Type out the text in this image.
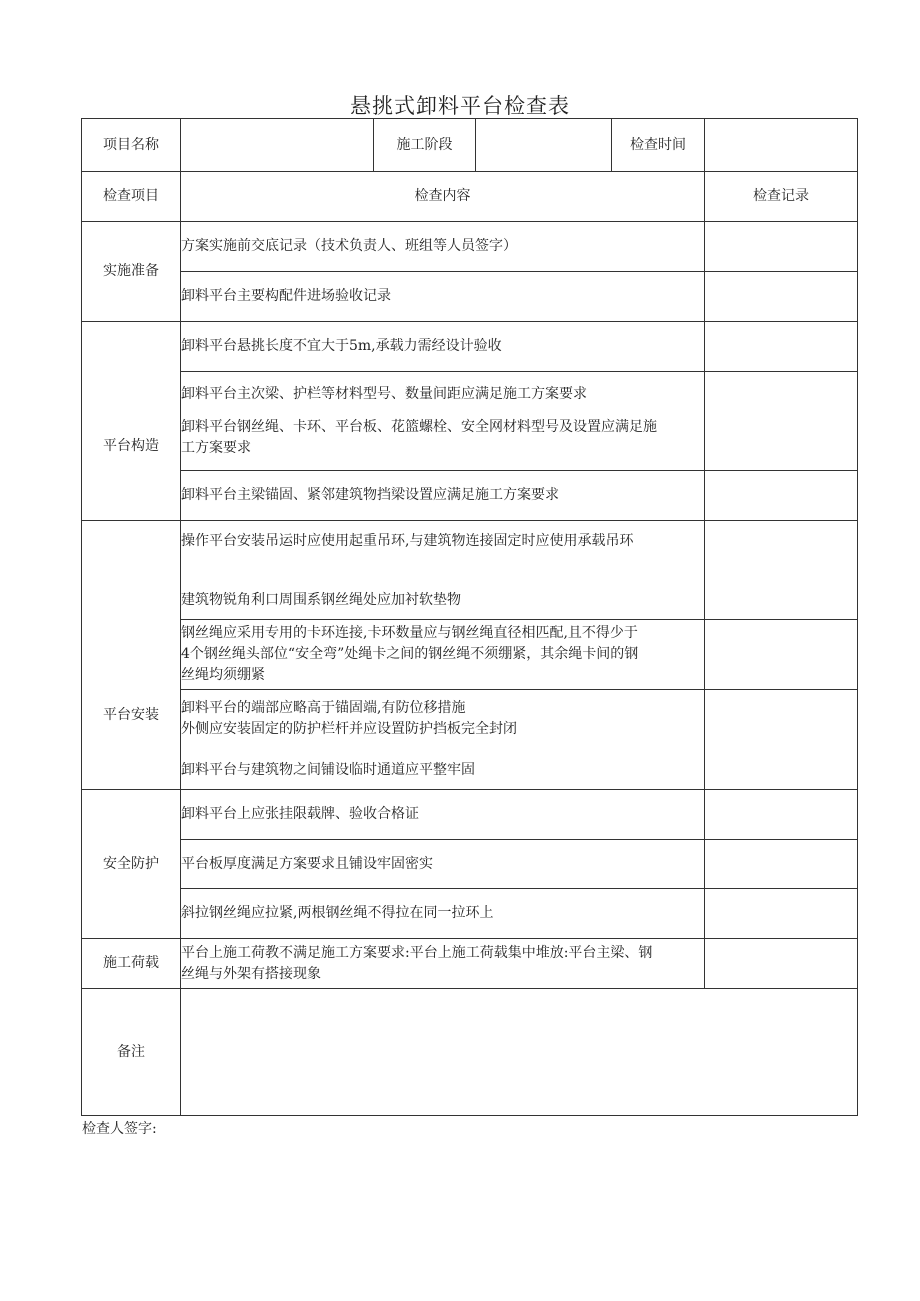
悬挑式卸料平台检查表
项目名称		施工阶段		检查时间	
检查项目	检查内容				检查记录
实施准备	方案实施前交底记录（技术负责人、班组等人员签字）				
	卸料平台主要构配件进场验收记录				

平台构造	卸料平台悬挑长度不宜大于5m,承载力需经设计验收				

	卸料平台主次梁、护栏等材料型号、数量间距应满足施工方案要求
卸料平台钢丝绳、卡环、平台板、花篮螺栓、安全网材料型号及设置应满足施
工方案要求				

	卸料平台主梁锚固、紧邻建筑物挡梁设置应满足施工方案要求				

平台安装	操作平台安装吊运时应使用起重吊环,与建筑物连接固定时应使用承载吊环
建筑物锐角利口周围系钢丝绳处应加衬软垫物				

	钢丝绳应采用专用的卡环连接,卡环数量应与钢丝绳直径相匹配,且不得少于
4个钢丝绳头部位“安全弯”处绳卡之间的钢丝绳不须绷紧，其余绳卡间的钢
丝绳均须绷紧				

	卸料平台的端部应略高于锚固端,有防位移措施
外侧应安装固定的防护栏杆并应设置防护挡板完全封闭
卸料平台与建筑物之间铺设临时通道应平整牢固				

安全防护	卸料平台上应张挂限载牌、验收合格证				
	平台板厚度满足方案要求且铺设牢固密实				
	斜拉钢丝绳应拉紧,两根钢丝绳不得拉在同一拉环上				
施工荷载	平台上施工荷教不满足施工方案要求:平台上施工荷载集中堆放:平台主梁、钢
丝绳与外架有搭接现象				

备注					
检查人签字:
